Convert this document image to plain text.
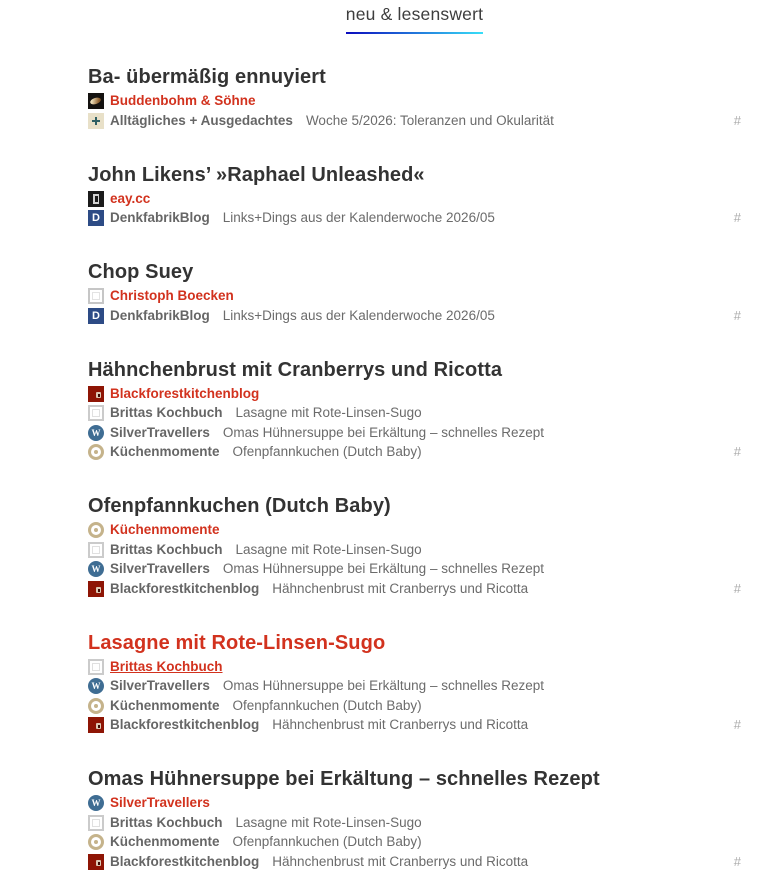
neu & lesenswert
Ba- übermäßig ennuyiert
Buddenbohm & Söhne
Alltägliches + Ausgedachtes Woche 5/2026: Toleranzen und Okularität	#
John Likens’ »Raphael Unleashed«
eay.cc
D
DenkfabrikBlog Links+Dings aus der Kalenderwoche 2026/05	#
Chop Suey
Christoph Boecken
D
DenkfabrikBlog Links+Dings aus der Kalenderwoche 2026/05	#
Hähnchenbrust mit Cranberrys und Ricotta
Blackforestkitchenblog
Brittas Kochbuch Lasagne mit Rote-Linsen-Sugo
W
SilverTravellers Omas Hühnersuppe bei Erkältung – schnelles Rezept
Küchenmomente Ofenpfannkuchen (Dutch Baby)	#
Ofenpfannkuchen (Dutch Baby)
Küchenmomente
Brittas Kochbuch Lasagne mit Rote-Linsen-Sugo
W
SilverTravellers Omas Hühnersuppe bei Erkältung – schnelles Rezept
Blackforestkitchenblog Hähnchenbrust mit Cranberrys und Ricotta	#
Lasagne mit Rote-Linsen-Sugo
Brittas Kochbuch
W
SilverTravellers Omas Hühnersuppe bei Erkältung – schnelles Rezept
Küchenmomente Ofenpfannkuchen (Dutch Baby)
Blackforestkitchenblog Hähnchenbrust mit Cranberrys und Ricotta	#
Omas Hühnersuppe bei Erkältung – schnelles Rezept
W
SilverTravellers
Brittas Kochbuch Lasagne mit Rote-Linsen-Sugo
Küchenmomente Ofenpfannkuchen (Dutch Baby)
Blackforestkitchenblog Hähnchenbrust mit Cranberrys und Ricotta	#
